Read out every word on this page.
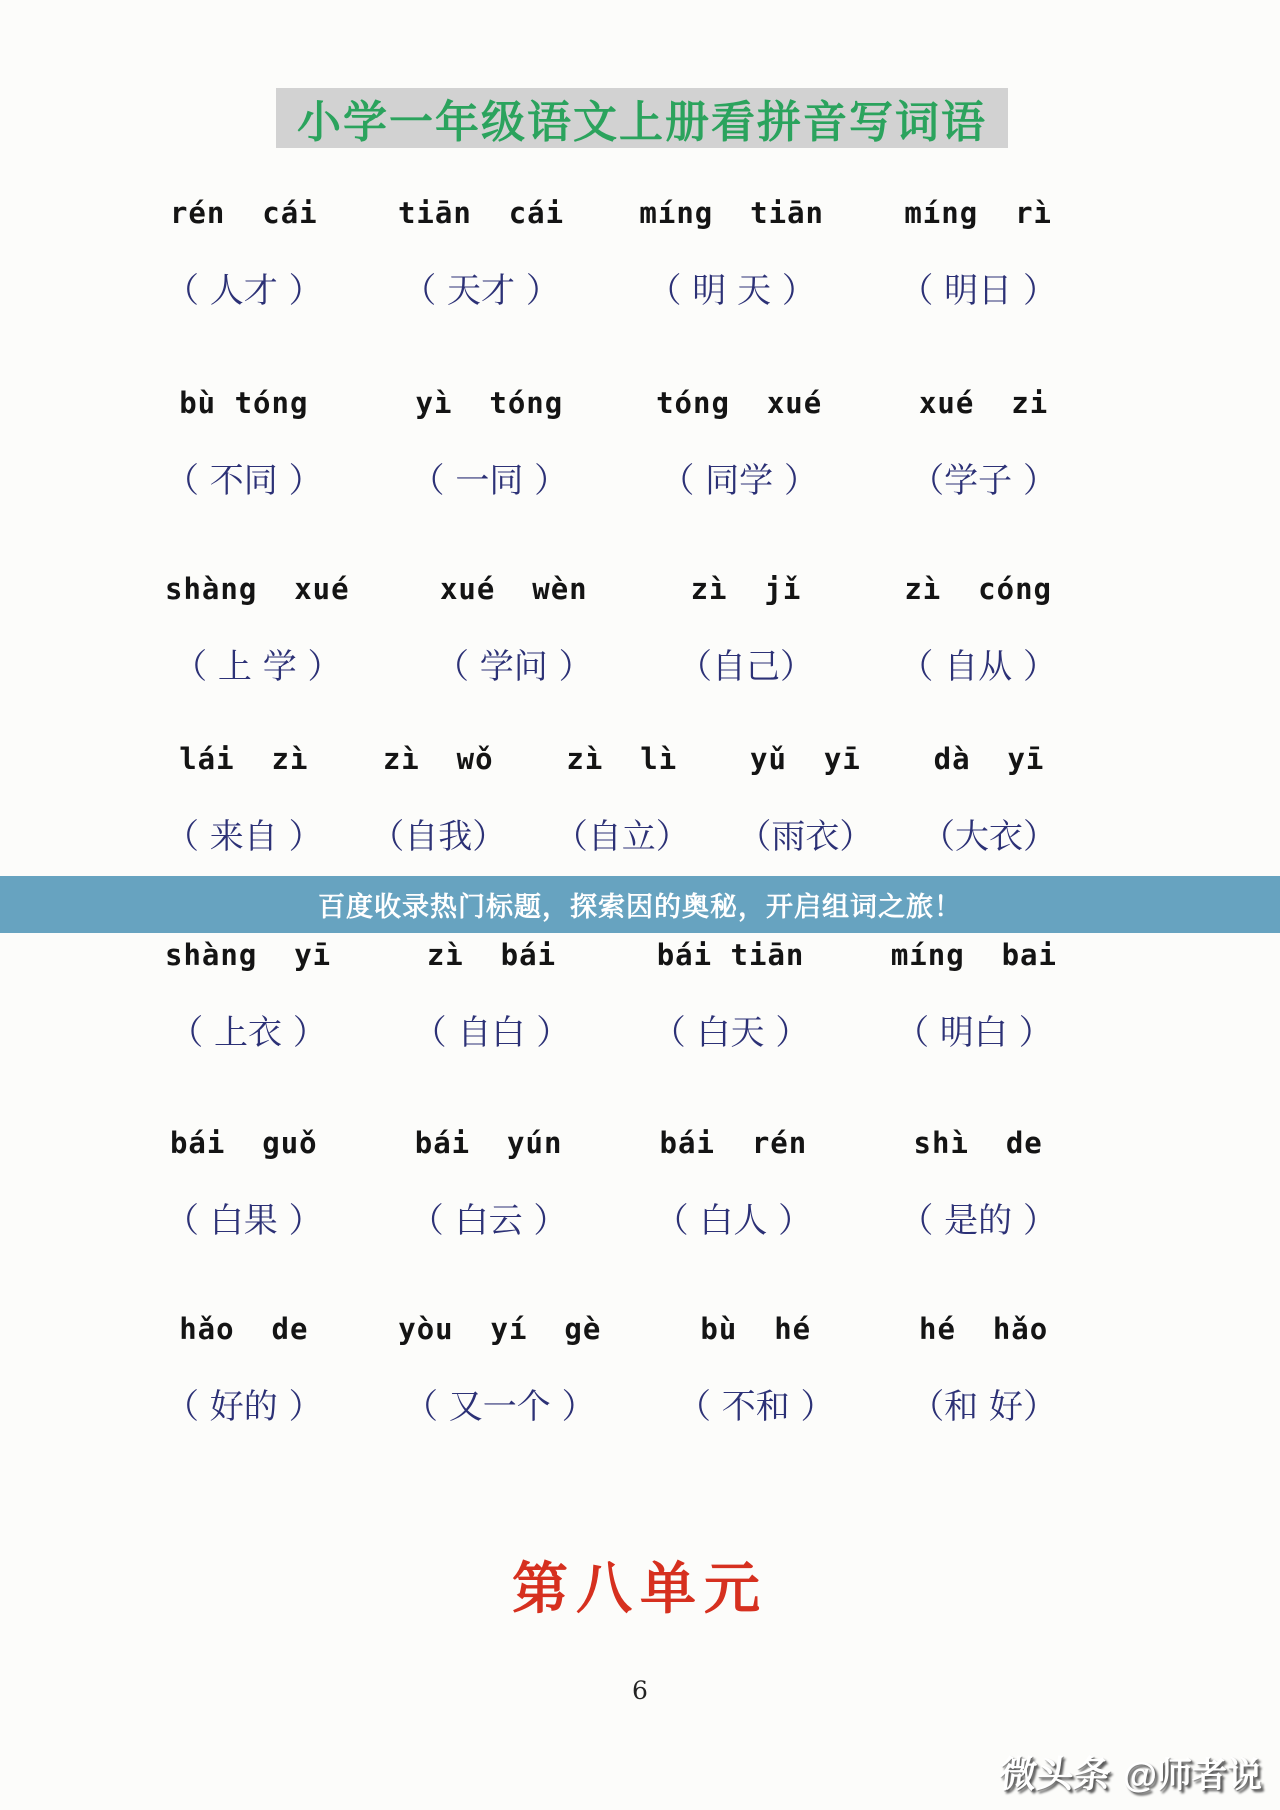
小学一年级语文上册看拼音写词语
rén  cái
（ 人才 ）
tiān  cái
（ 天才 ）
míng  tiān
（ 明 天 ）
míng  rì
（ 明日 ）
bù tóng
（ 不同 ）
yì  tóng
（ 一同 ）
tóng  xué
（ 同学 ）
xué  zi
（学子 ）
shàng  xué
（ 上 学 ）
xué  wèn
（ 学问 ）
zì  jǐ
（自己）
zì  cóng
（ 自从 ）
lái  zì
（ 来自 ）
zì  wǒ
（自我）
zì  lì
（自立）
yǔ  yī
（雨衣）
dà  yī
（大衣）
shàng  yī
（ 上衣 ）
zì  bái
（ 自白 ）
bái tiān
（ 白天 ）
míng  bai
（ 明白 ）
bái  guǒ
（ 白果 ）
bái  yún
（ 白云 ）
bái  rén
（ 白人 ）
shì  de
（ 是的 ）
hǎo  de
（ 好的 ）
yòu  yí  gè
（ 又一个 ）
bù  hé
（ 不和 ）
hé  hǎo
（和 好）
百度收录热门标题，探索因的奥秘，开启组词之旅！
第八单元
6
微头条 @师者说
